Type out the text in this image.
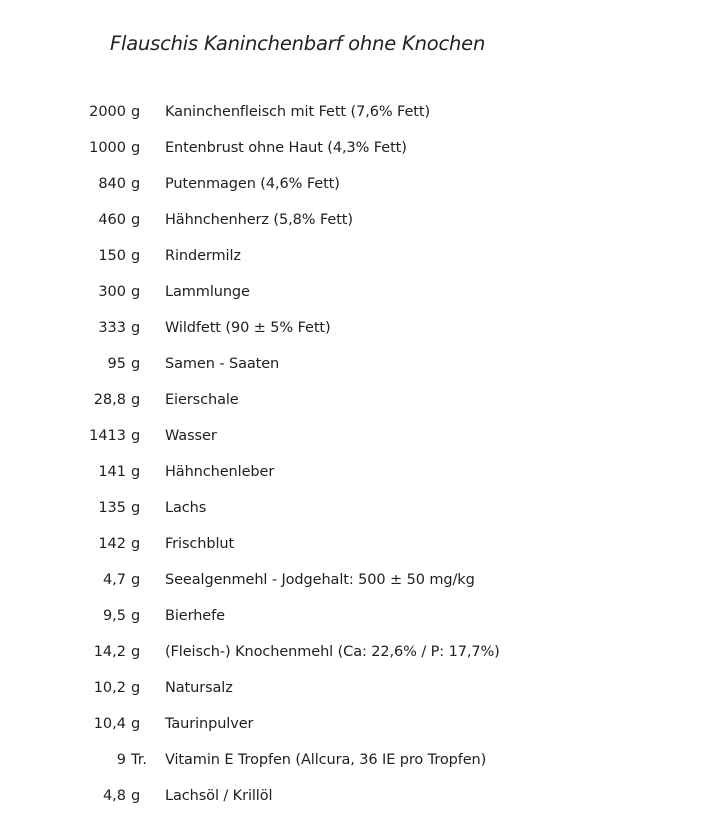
Flauschis Kaninchenbarf ohne Knochen
2000 g Kaninchenfleisch mit Fett (7,6% Fett)
1000 g Entenbrust ohne Haut (4,3% Fett)
840 g Putenmagen (4,6% Fett)
460 g Hähnchenherz (5,8% Fett)
150 g Rindermilz
300 g Lammlunge
333 g Wildfett (90 ± 5% Fett)
95 g Samen - Saaten
28,8 g Eierschale
1413 g Wasser
141 g Hähnchenleber
135 g Lachs
142 g Frischblut
4,7 g Seealgenmehl - Jodgehalt: 500 ± 50 mg/kg
9,5 g Bierhefe
14,2 g (Fleisch-) Knochenmehl (Ca: 22,6% / P: 17,7%)
10,2 g Natursalz
10,4 g Taurinpulver
9 Tr. Vitamin E Tropfen (Allcura, 36 IE pro Tropfen)
4,8 g Lachsöl / Krillöl
